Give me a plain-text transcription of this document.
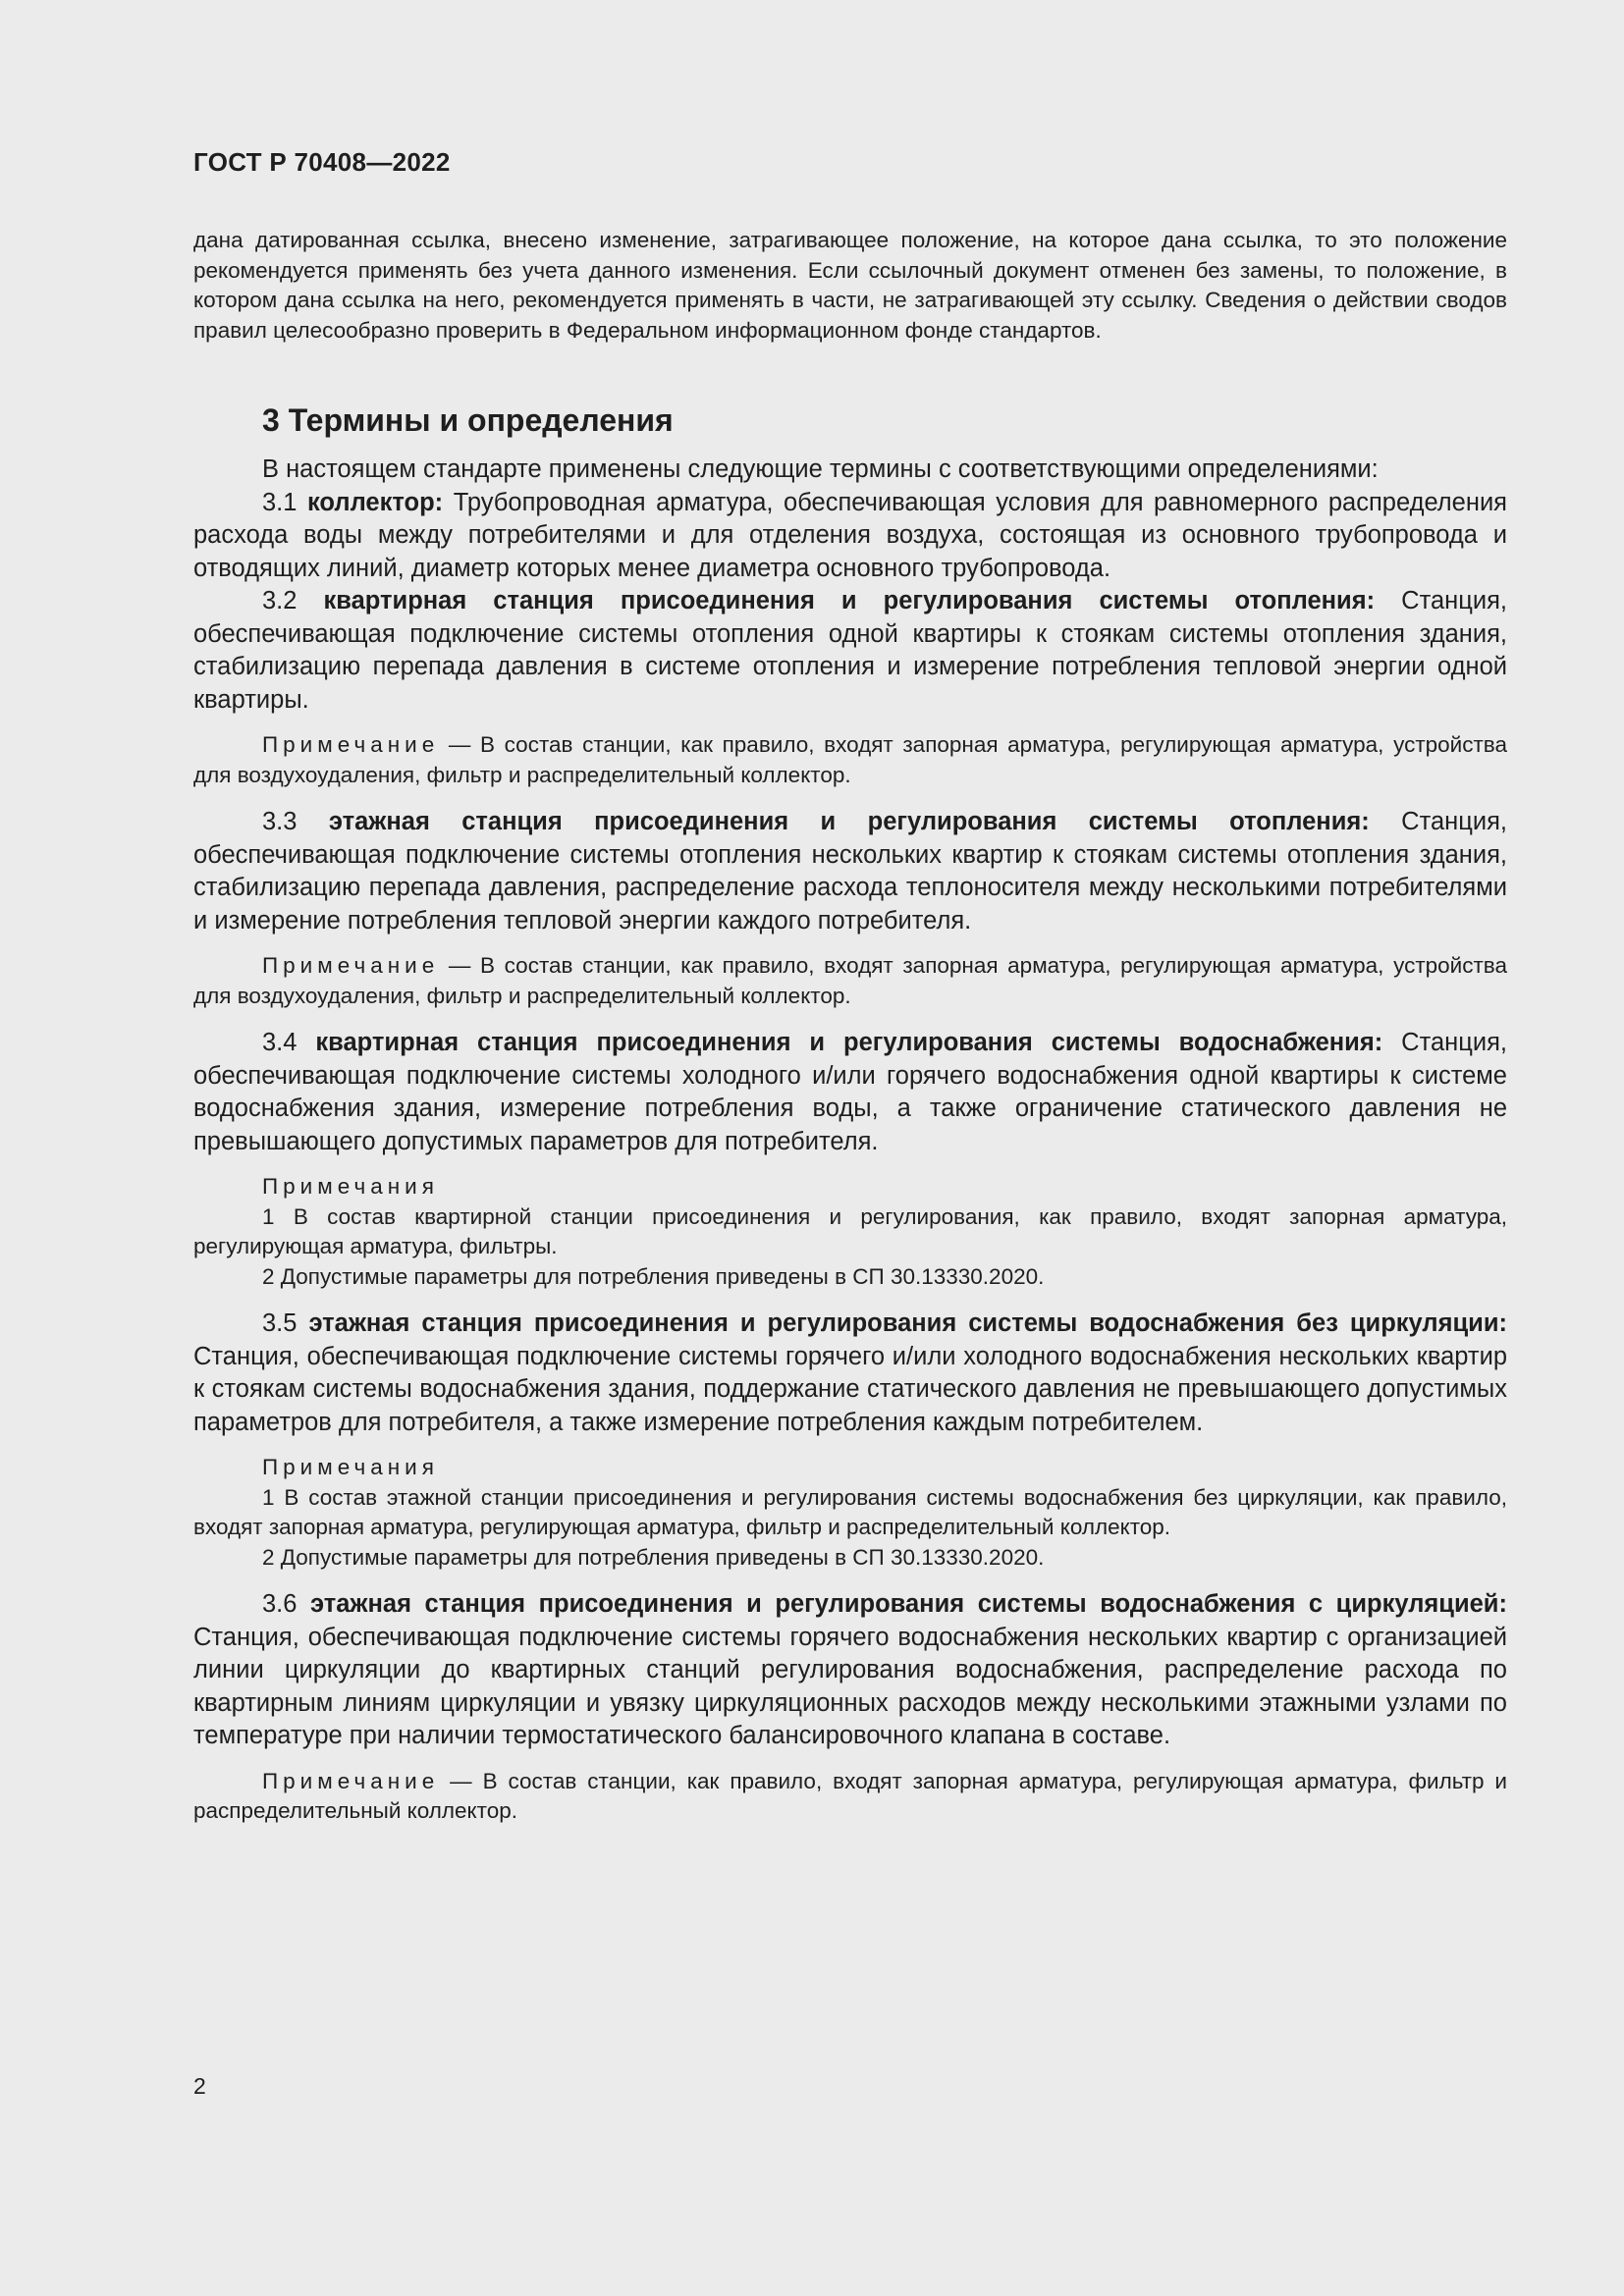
ГОСТ Р 70408—2022

дана датированная ссылка, внесено изменение, затрагивающее положение, на которое дана ссылка, то это положение рекомендуется применять без учета данного изменения. Если ссылочный документ отменен без замены, то положение, в котором дана ссылка на него, рекомендуется применять в части, не затрагивающей эту ссылку. Сведения о действии сводов правил целесообразно проверить в Федеральном информационном фонде стандартов.

3 Термины и определения

В настоящем стандарте применены следующие термины с соответствующими определениями:

3.1 коллектор: Трубопроводная арматура, обеспечивающая условия для равномерного распределения расхода воды между потребителями и для отделения воздуха, состоящая из основного трубопровода и отводящих линий, диаметр которых менее диаметра основного трубопровода.

3.2 квартирная станция присоединения и регулирования системы отопления: Станция, обеспечивающая подключение системы отопления одной квартиры к стоякам системы отопления здания, стабилизацию перепада давления в системе отопления и измерение потребления тепловой энергии одной квартиры.

Примечание — В состав станции, как правило, входят запорная арматура, регулирующая арматура, устройства для воздухоудаления, фильтр и распределительный коллектор.

3.3 этажная станция присоединения и регулирования системы отопления: Станция, обеспечивающая подключение системы отопления нескольких квартир к стоякам системы отопления здания, стабилизацию перепада давления, распределение расхода теплоносителя между несколькими потребителями и измерение потребления тепловой энергии каждого потребителя.

Примечание — В состав станции, как правило, входят запорная арматура, регулирующая арматура, устройства для воздухоудаления, фильтр и распределительный коллектор.

3.4 квартирная станция присоединения и регулирования системы водоснабжения: Станция, обеспечивающая подключение системы холодного и/или горячего водоснабжения одной квартиры к системе водоснабжения здания, измерение потребления воды, а также ограничение статического давления не превышающего допустимых параметров для потребителя.

Примечания

1 В состав квартирной станции присоединения и регулирования, как правило, входят запорная арматура, регулирующая арматура, фильтры.

2 Допустимые параметры для потребления приведены в СП 30.13330.2020.

3.5 этажная станция присоединения и регулирования системы водоснабжения без циркуляции: Станция, обеспечивающая подключение системы горячего и/или холодного водоснабжения нескольких квартир к стоякам системы водоснабжения здания, поддержание статического давления не превышающего допустимых параметров для потребителя, а также измерение потребления каждым потребителем.

Примечания

1 В состав этажной станции присоединения и регулирования системы водоснабжения без циркуляции, как правило, входят запорная арматура, регулирующая арматура, фильтр и распределительный коллектор.

2 Допустимые параметры для потребления приведены в СП 30.13330.2020.

3.6 этажная станция присоединения и регулирования системы водоснабжения с циркуляцией: Станция, обеспечивающая подключение системы горячего водоснабжения нескольких квартир с организацией линии циркуляции до квартирных станций регулирования водоснабжения, распределение расхода по квартирным линиям циркуляции и увязку циркуляционных расходов между несколькими этажными узлами по температуре при наличии термостатического балансировочного клапана в составе.

Примечание — В состав станции, как правило, входят запорная арматура, регулирующая арматура, фильтр и распределительный коллектор.

2
